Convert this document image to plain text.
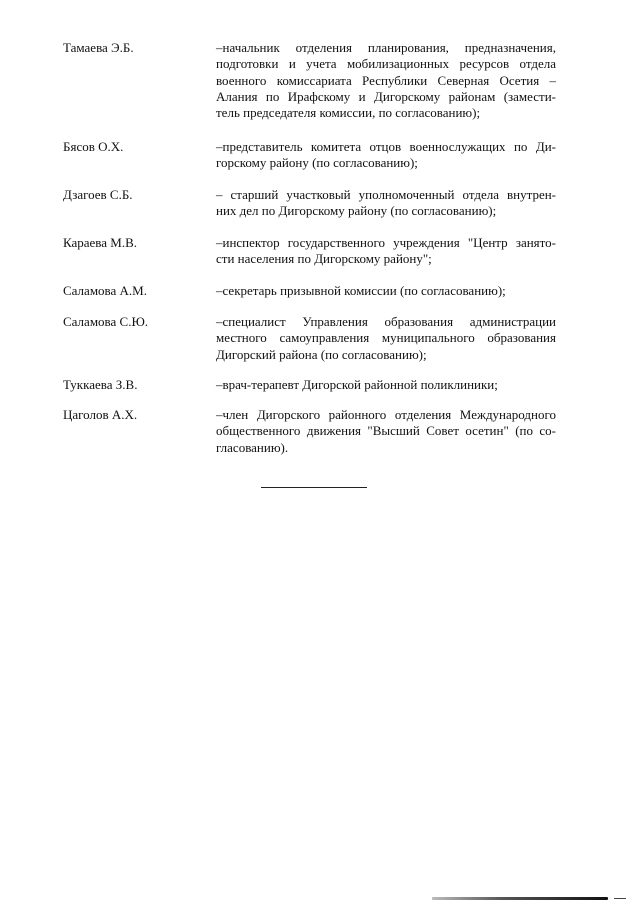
Тамаева Э.Б.	–начальник отделения планирования, предназначения,
подготовки и учета мобилизационных ресурсов отдела
военного комиссариата Республики Северная Осетия –
Алания по Ирафскому и Дигорскому районам (замести-
тель председателя комиссии, по согласованию);
Бясов О.Х.	–представитель комитета отцов военнослужащих по Ди-
горскому району (по согласованию);
Дзагоев С.Б.	– старший участковый уполномоченный отдела внутрен-
них дел по Дигорскому району (по согласованию);
Караева М.В.	–инспектор государственного учреждения "Центр занято-
сти населения по Дигорскому району";
Саламова А.М.	–секретарь призывной комиссии (по согласованию);
Саламова С.Ю.	–специалист Управления образования администрации
местного самоуправления муниципального образования
Дигорский района (по согласованию);
Туккаева З.В.	–врач-терапевт Дигорской районной поликлиники;
Цаголов А.Х.	–член Дигорского районного отделения Международного
общественного движения "Высший Совет осетин" (по со-
гласованию).
